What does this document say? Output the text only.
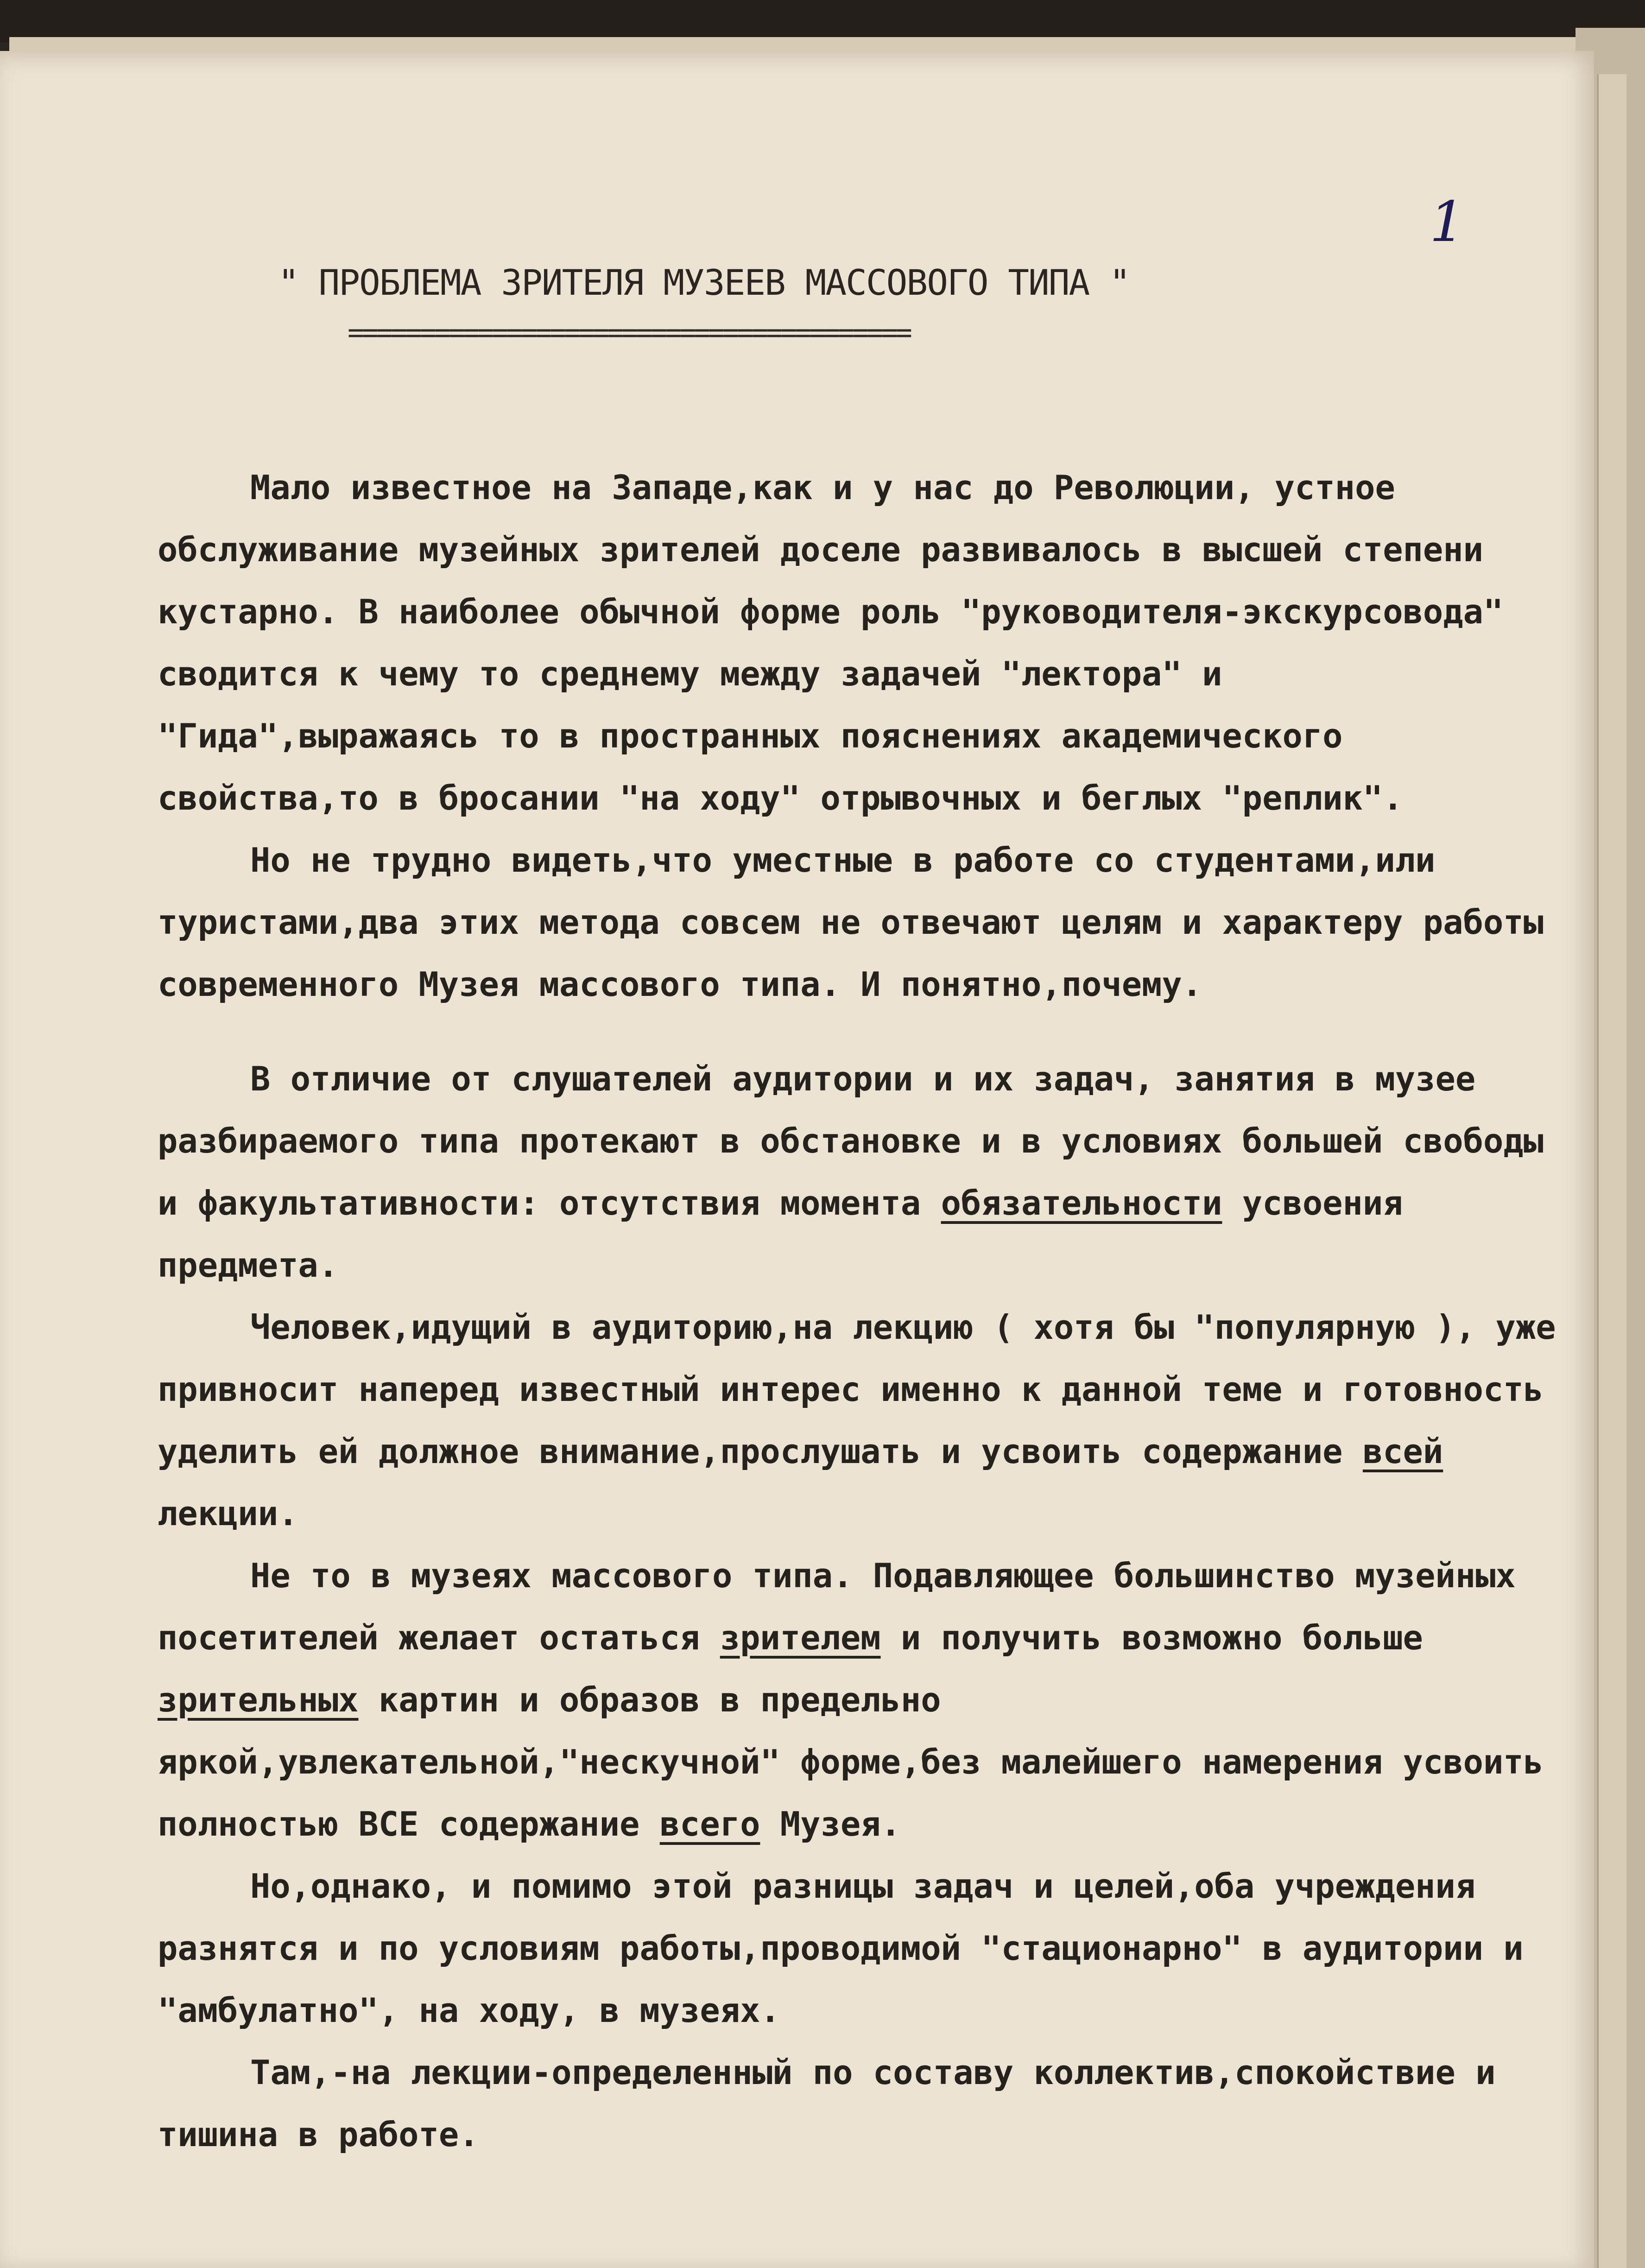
1
" ПРОБЛЕМА ЗРИТЕЛЯ МУЗЕЕВ МАССОВОГО ТИПА "
=======================================

Мало известное на Западе,как и у нас до Революции, устное обслуживание музейных зрителей доселе развивалось в высшей степени кустарно. В наиболее обычной форме роль "руководителя-экскурсовода" сводится к чему то среднему между задачей "лектора" и "Гида",выражаясь то в пространных пояснениях академического свойства,то в бросании "на ходу" отрывочных и беглых "реплик".

Но не трудно видеть,что уместные в работе со студентами,или туристами,два этих метода совсем не отвечают целям и характеру работы современного Музея массового типа. И понятно,почему.

В отличие от слушателей аудитории и их задач, занятия в музее разбираемого типа протекают в обстановке и в условиях большей свободы и факультативности: отсутствия момента обязательности усвоения предмета.

Человек,идущий в аудиторию,на лекцию ( хотя бы "популярную ), уже привносит наперед известный интерес именно к данной теме и готовность уделить ей должное внимание,прослушать и усвоить содержание всей лекции.

Не то в музеях массового типа. Подавляющее большинство музейных посетителей желает остаться зрителем и получить возможно больше зрительных картин и образов в предельно яркой,увлекательной,"нескучной" форме,без малейшего намерения усвоить полностью ВСЕ содержание всего Музея.

Но,однако, и помимо этой разницы задач и целей,оба учреждения разнятся и по условиям работы,проводимой "стационарно" в аудитории и "амбулатно", на ходу, в музеях.

Там,-на лекции-определенный по составу коллектив,спокойствие и тишина в работе.
